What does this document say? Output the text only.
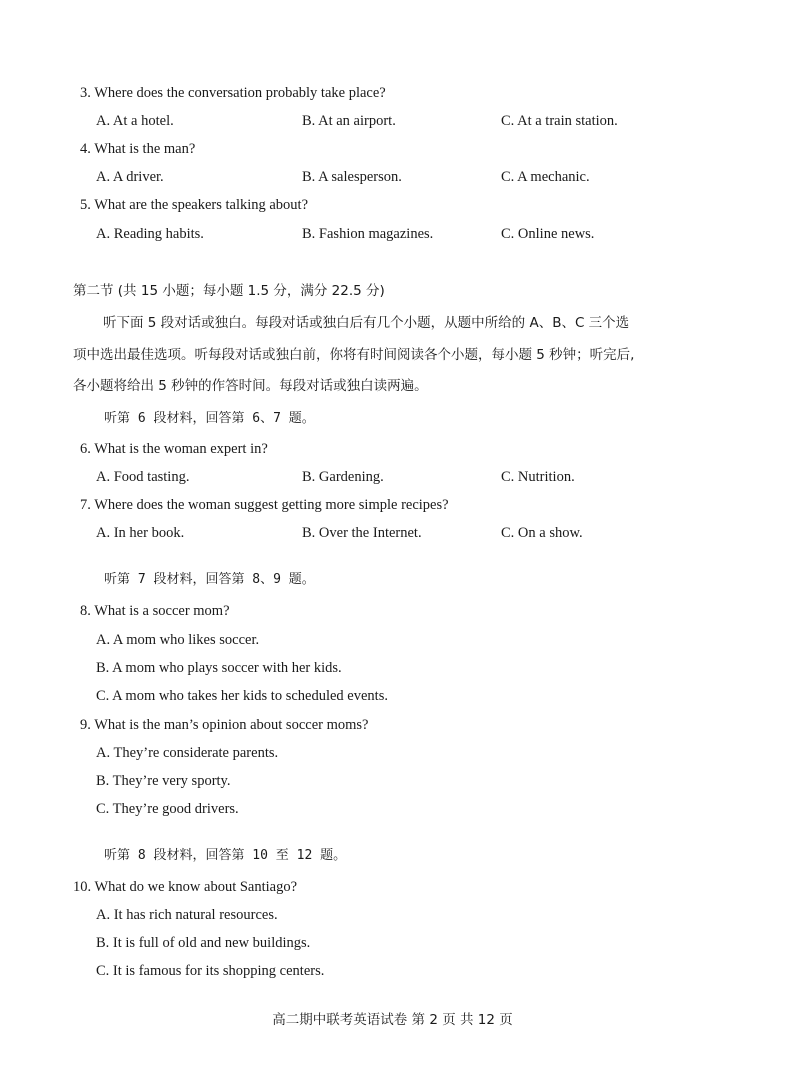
3. Where does the conversation probably take place?
A. At a hotel.	B. At an airport.	C. At a train station.
4. What is the man?
A. A driver.	B. A salesperson.	C. A mechanic.
5. What are the speakers talking about?
A. Reading habits.	B. Fashion magazines.	C. Online news.
第二节 (共 15 小题；每小题 1.5 分，满分 22.5 分)
听下面 5 段对话或独白。每段对话或独白后有几个小题，从题中所给的 A、B、C 三个选
项中选出最佳选项。听每段对话或独白前，你将有时间阅读各个小题，每小题 5 秒钟；听完后,
各小题将给出 5 秒钟的作答时间。每段对话或独白读两遍。
听第 6 段材料，回答第 6、7 题。
6. What is the woman expert in?
A. Food tasting.	B. Gardening.	C. Nutrition.
7. Where does the woman suggest getting more simple recipes?
A. In her book.	B. Over the Internet.	C. On a show.
听第 7 段材料，回答第 8、9 题。
8. What is a soccer mom?
A. A mom who likes soccer.
B. A mom who plays soccer with her kids.
C. A mom who takes her kids to scheduled events.
9. What is the man’s opinion about soccer moms?
A. They’re considerate parents.
B. They’re very sporty.
C. They’re good drivers.
听第 8 段材料，回答第 10 至 12 题。
10. What do we know about Santiago?
A. It has rich natural resources.
B. It is full of old and new buildings.
C. It is famous for its shopping centers.
高二期中联考英语试卷 第 2 页 共 12 页
